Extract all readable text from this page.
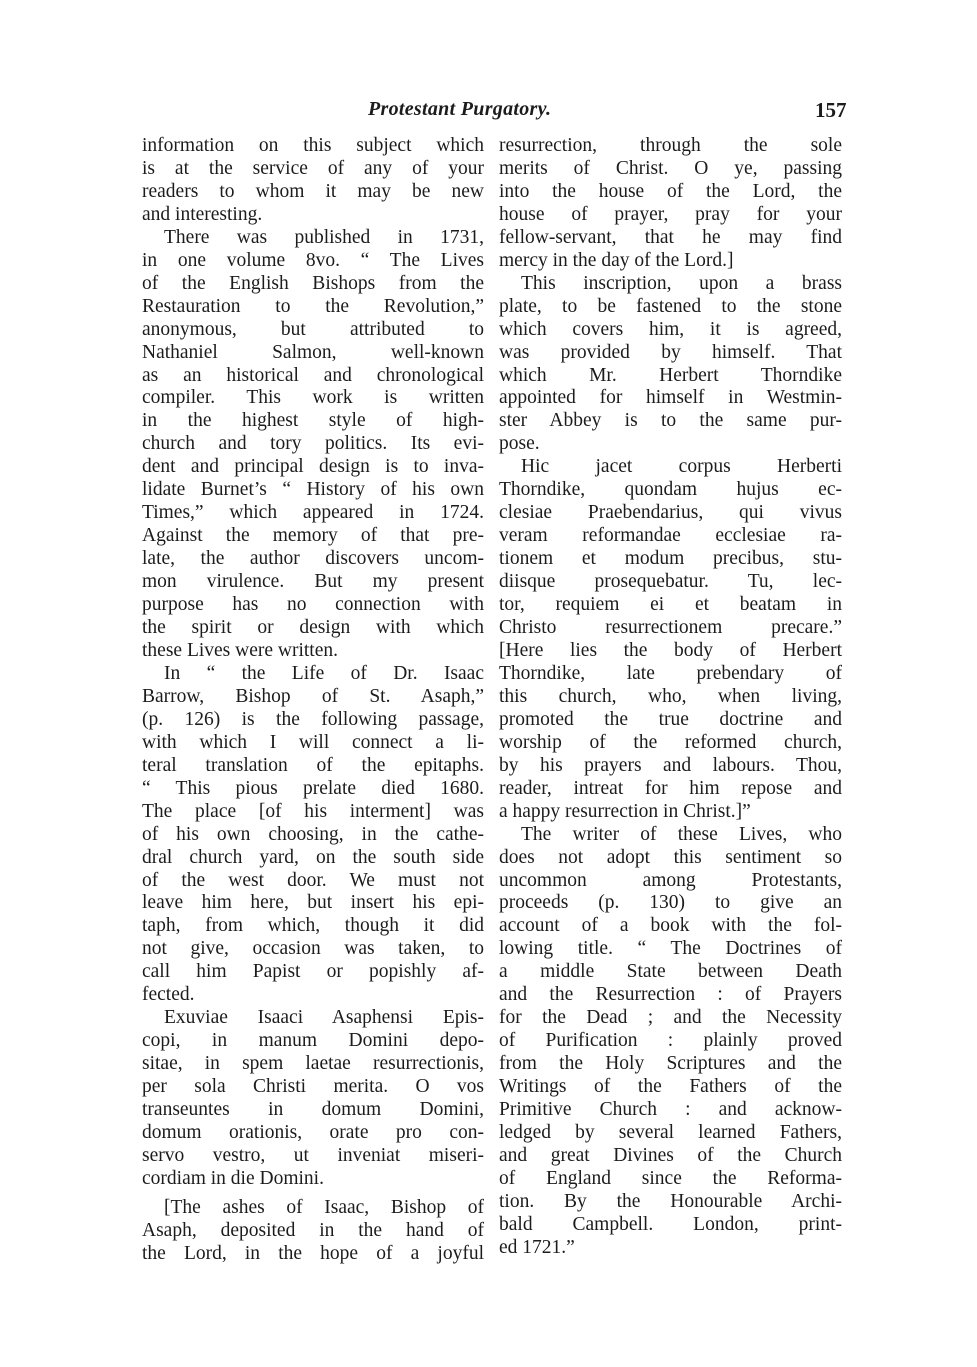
Protestant Purgatory.	157

information on this subject which

is at the service of any of your

readers to whom it may be new

and interesting.

There was published in 1731,

in one volume 8vo. “ The Lives

of the English Bishops from the

Restauration to the Revolution,”

anonymous, but attributed to

Nathaniel Salmon, well-known

as an historical and chronological

compiler. This work is written

in the highest style of high-

church and tory politics. Its evi-

dent and principal design is to inva-

lidate Burnet’s “ History of his own

Times,” which appeared in 1724.

Against the memory of that pre-

late, the author discovers uncom-

mon virulence. But my present

purpose has no connection with

the spirit or design with which

these Lives were written.

In “ the Life of Dr. Isaac

Barrow, Bishop of St. Asaph,”

(p. 126) is the following passage,

with which I will connect a li-

teral translation of the epitaphs.

“ This pious prelate died 1680.

The place [of his interment] was

of his own choosing, in the cathe-

dral church yard, on the south side

of the west door. We must not

leave him here, but insert his epi-

taph, from which, though it did

not give, occasion was taken, to

call him Papist or popishly af-

fected.

Exuviae Isaaci Asaphensi Epis-

copi, in manum Domini depo-

sitae, in spem laetae resurrectionis,

per sola Christi merita. O vos

transeuntes in domum Domini,

domum orationis, orate pro con-

servo vestro, ut inveniat miseri-

cordiam in die Domini.

[The ashes of Isaac, Bishop of

Asaph, deposited in the hand of

the Lord, in the hope of a joyful

resurrection, through the sole

merits of Christ. O ye, passing

into the house of the Lord, the

house of prayer, pray for your

fellow-servant, that he may find

mercy in the day of the Lord.]

This inscription, upon a brass

plate, to be fastened to the stone

which covers him, it is agreed,

was provided by himself. That

which Mr. Herbert Thorndike

appointed for himself in Westmin-

ster Abbey is to the same pur-

pose.

Hic jacet corpus Herberti

Thorndike, quondam hujus ec-

clesiae Praebendarius, qui vivus

veram reformandae ecclesiae ra-

tionem et modum precibus, stu-

diisque prosequebatur. Tu, lec-

tor, requiem ei et beatam in

Christo resurrectionem precare.”

[Here lies the body of Herbert

Thorndike, late prebendary of

this church, who, when living,

promoted the true doctrine and

worship of the reformed church,

by his prayers and labours. Thou,

reader, intreat for him repose and

a happy resurrection in Christ.]”

The writer of these Lives, who

does not adopt this sentiment so

uncommon among Protestants,

proceeds (p. 130) to give an

account of a book with the fol-

lowing title. “ The Doctrines of

a middle State between Death

and the Resurrection : of Prayers

for the Dead ; and the Necessity

of Purification : plainly proved

from the Holy Scriptures and the

Writings of the Fathers of the

Primitive Church : and acknow-

ledged by several learned Fathers,

and great Divines of the Church

of England since the Reforma-

tion. By the Honourable Archi-

bald Campbell. London, print-

ed 1721.”
